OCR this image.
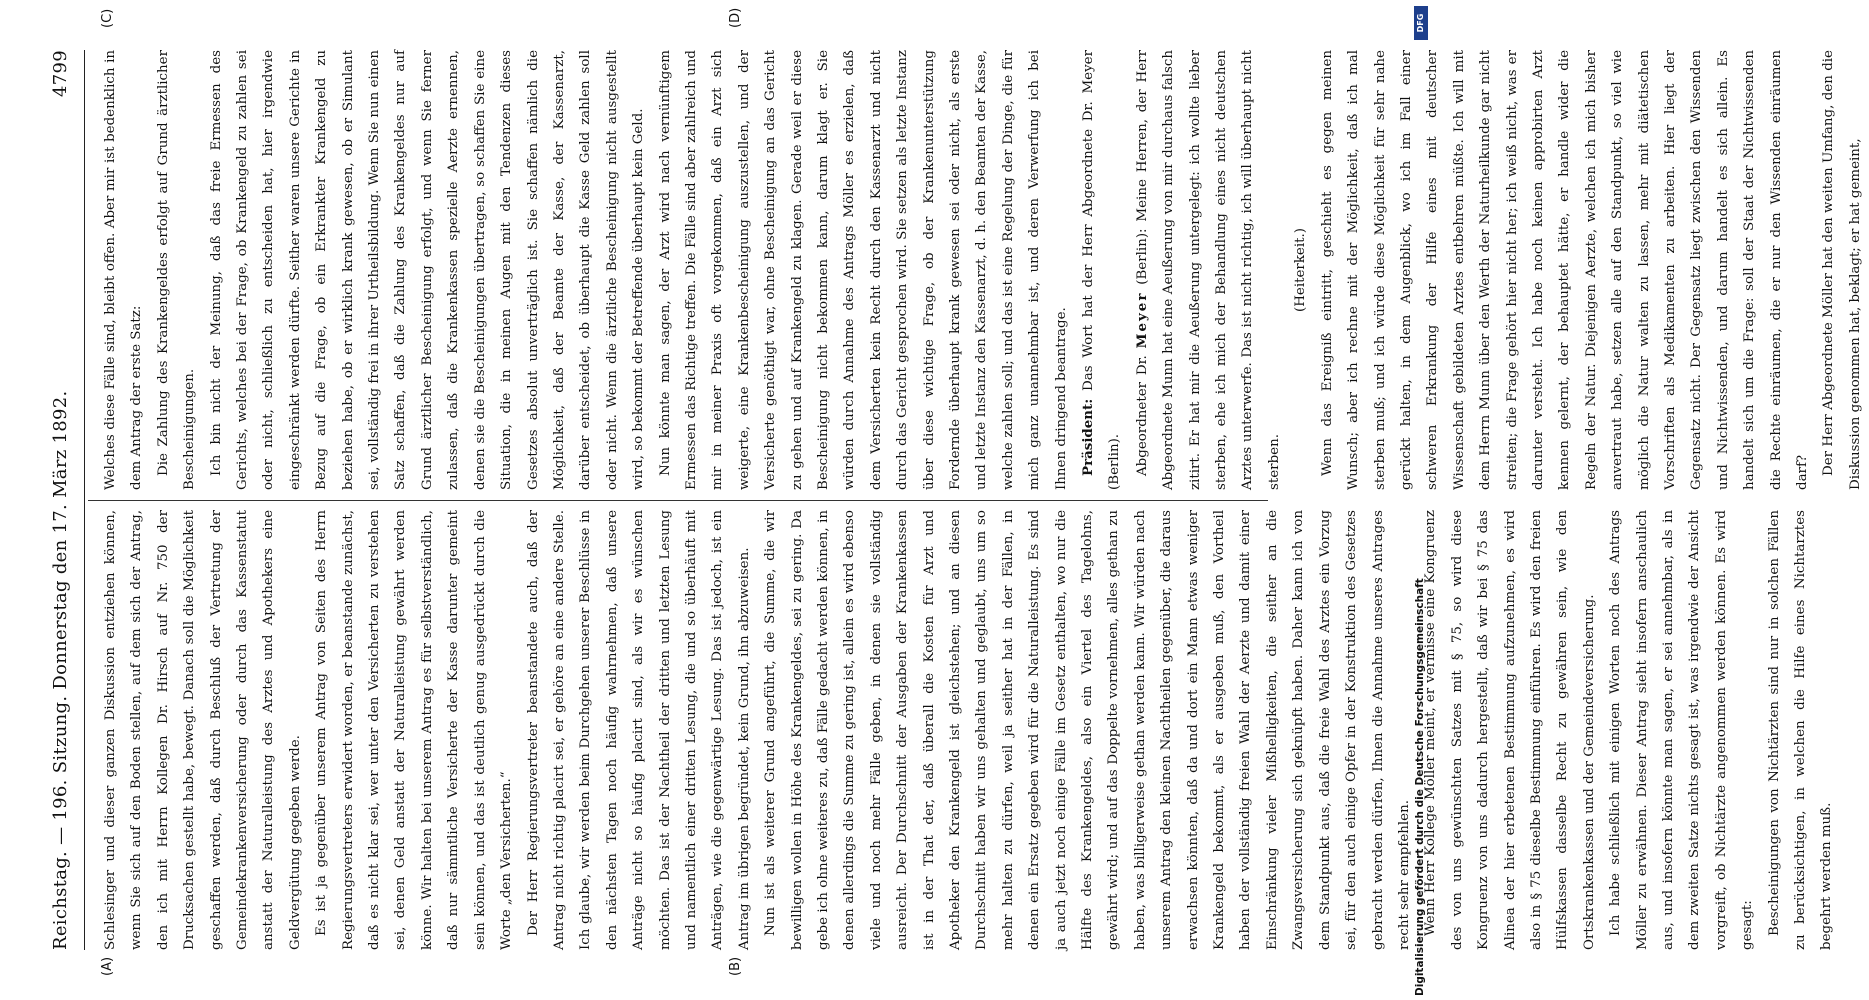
Reichstag. — 196. Sitzung. Donnerstag den 17. März 1892.
4799
(A)	(B)
(C)	(D)

Schlesinger und dieser ganzen Diskussion entziehen können, wenn Sie sich auf den Boden stellen, auf dem sich der Antrag, den ich mit Herrn Kollegen Dr. Hirsch auf Nr. 750 der Drucksachen gestellt habe, bewegt. Danach soll die Möglichkeit geschaffen werden, daß durch Beschluß der Vertretung der Gemeindekrankenversicherung oder durch das Kassenstatut anstatt der Naturalleistung des Arztes und Apothekers eine Geldvergütung gegeben werde. Es ist ja gegenüber unserem Antrag von Seiten des Herrn Regierungsvertreters erwidert worden, er beanstande zunächst, daß es nicht klar sei, wer unter den Versicherten zu verstehen sei, denen Geld anstatt der Naturalleistung gewährt werden könne. Wir halten bei unserem Antrag es für selbstverständlich, daß nur sämmtliche Versicherte der Kasse darunter gemeint sein können, und das ist deutlich genug ausgedrückt durch die Worte „den Versicherten.“ Der Herr Regierungsvertreter beanstandete auch, daß der Antrag nicht richtig placirt sei, er gehöre an eine andere Stelle. Ich glaube, wir werden beim Durchgehen unserer Beschlüsse in den nächsten Tagen noch häufig wahrnehmen, daß unsere Anträge nicht so häufig placirt sind, als wir es wünschen möchten. Das ist der Nachtheil der dritten und letzten Lesung und namentlich einer dritten Lesung, die und so überhäuft mit Anträgen, wie die gegenwärtige Lesung. Das ist jedoch, ist ein Antrag im übrigen begründet, kein Grund, ihn abzuweisen. Nun ist als weiterer Grund angeführt, die Summe, die wir bewilligen wollen in Höhe des Krankengeldes, sei zu gering. Da gebe ich ohne weiteres zu, daß Fälle gedacht werden können, in denen allerdings die Summe zu gering ist, allein es wird ebenso viele und noch mehr Fälle geben, in denen sie vollständig ausreicht. Der Durchschnitt der Ausgaben der Krankenkassen ist in der That der, daß überall die Kosten für Arzt und Apotheker den Krankengeld ist gleichstehen; und an diesen Durchschnitt haben wir uns gehalten und geglaubt, uns um so mehr halten zu dürfen, weil ja seither hat in der Fällen, in denen ein Ersatz gegeben wird für die Naturalleistung. Es sind ja auch jetzt noch einige Fälle im Gesetz enthalten, wo nur die Hälfte des Krankengeldes, also ein Viertel des Tagelohns, gewährt wird; und auf das Doppelte vornehmen, alles gethan zu haben, was billigerweise gethan werden kann. Wir würden nach unserem Antrag den kleinen Nachtheilen gegenüber, die daraus erwachsen könnten, daß da und dort ein Mann etwas weniger Krankengeld bekommt, als er ausgeben muß, den Vortheil haben der vollständig freien Wahl der Aerzte und damit einer Einschränkung vieler Mißhelligkeiten, die seither an die Zwangsversicherung sich geknüpft haben. Daher kann ich von dem Standpunkt aus, daß die freie Wahl des Arztes ein Vorzug sei, für den auch einige Opfer in der Konstruktion des Gesetzes gebracht werden dürfen, Ihnen die Annahme unseres Antrages recht sehr empfehlen. Wenn Herr Kollege Möller meint, er vermisse eine Kongruenz des von uns gewünschten Satzes mit § 75, so wird diese Kongruenz von uns dadurch hergestellt, daß wir bei § 75 das Alinea der hier erbetenen Bestimmung aufzunehmen, es wird also in § 75 dieselbe Bestimmung einführen. Es wird den freien Hülfskassen dasselbe Recht zu gewähren sein, wie den Ortskrankenkassen und der Gemeindeversicherung. Ich habe schließlich mit einigen Worten noch des Antrags Möller zu erwähnen. Dieser Antrag sieht insofern anschaulich aus, und insofern könnte man sagen, er sei annehmbar, als in dem zweiten Satze nichts gesagt ist, was irgendwie der Ansicht vorgreift, ob Nichtärzte angenommen werden können. Es wird gesagt: Bescheinigungen von Nichtärzten sind nur in solchen Fällen zu berücksichtigen, in welchen die Hilfe eines Nichtarztes begehrt werden muß.

Welches diese Fälle sind, bleibt offen. Aber mir ist bedenklich in dem Antrag der erste Satz: Die Zahlung des Krankengeldes erfolgt auf Grund ärztlicher Bescheinigungen. Ich bin nicht der Meinung, daß das freie Ermessen des Gerichts, welches bei der Frage, ob Krankengeld zu zahlen sei oder nicht, schließlich zu entscheiden hat, hier irgendwie eingeschränkt werden dürfte. Seither waren unsere Gerichte in Bezug auf die Frage, ob ein Erkrankter Krankengeld zu beziehen habe, ob er wirklich krank gewesen, ob er Simulant sei, vollständig frei in ihrer Urtheilsbildung. Wenn Sie nun einen Satz schaffen, daß die Zahlung des Krankengeldes nur auf Grund ärztlicher Bescheinigung erfolgt, und wenn Sie ferner zulassen, daß die Krankenkassen spezielle Aerzte ernennen, denen sie die Bescheinigungen übertragen, so schaffen Sie eine Situation, die in meinen Augen mit den Tendenzen dieses Gesetzes absolut unverträglich ist. Sie schaffen nämlich die Möglichkeit, daß der Beamte der Kasse, der Kassenarzt, darüber entscheidet, ob überhaupt die Kasse Geld zahlen soll oder nicht. Wenn die ärztliche Bescheinigung nicht ausgestellt wird, so bekommt der Betreffende überhaupt kein Geld. Nun könnte man sagen, der Arzt wird nach vernünftigem Ermessen das Richtige treffen. Die Fälle sind aber zahlreich und mir in meiner Praxis oft vorgekommen, daß ein Arzt sich weigerte, eine Krankenbescheinigung auszustellen, und der Versicherte genöthigt war, ohne Bescheinigung an das Gericht zu gehen und auf Krankengeld zu klagen. Gerade weil er diese Bescheinigung nicht bekommen kann, darum klagt er. Sie würden durch Annahme des Antrags Möller es erzielen, daß dem Versicherten kein Recht durch den Kassenarzt und nicht durch das Gericht gesprochen wird. Sie setzen als letzte Instanz über diese wichtige Frage, ob der Krankenunterstützung Fordernde überhaupt krank gewesen sei oder nicht, als erste und letzte Instanz den Kassenarzt, d. h. den Beamten der Kasse, welche zahlen soll; und das ist eine Regelung der Dinge, die für mich ganz unannehmbar ist, und deren Verwerfung ich bei Ihnen dringend beantrage. Präsident: Das Wort hat der Herr Abgeordnete Dr. Meyer (Berlin). Abgeordneter Dr. Meyer (Berlin): Meine Herren, der Herr Abgeordnete Munn hat eine Aeußerung von mir durchaus falsch zitirt. Er hat mir die Aeußerung untergelegt: ich wollte lieber sterben, ehe ich mich der Behandlung eines nicht deutschen Arztes unterwerfe. Das ist nicht richtig, ich will überhaupt nicht sterben.

(Heiterkeit.) Wenn das Ereigniß eintritt, geschieht es gegen meinen Wunsch; aber ich rechne mit der Möglichkeit, daß ich mal sterben muß; und ich würde diese Möglichkeit für sehr nahe gerückt halten, in dem Augenblick, wo ich im Fall einer schweren Erkrankung der Hilfe eines mit deutscher Wissenschaft gebildeten Arztes entbehren müßte. Ich will mit dem Herrn Munn über den Werth der Naturheilkunde gar nicht streiten; die Frage gehört hier nicht her; ich weiß nicht, was er darunter versteht. Ich habe noch keinen approbirten Arzt kennen gelernt, der behauptet hätte, er handle wider die Regeln der Natur. Diejenigen Aerzte, welchen ich mich bisher anvertraut habe, setzen alle auf den Standpunkt, so viel wie möglich die Natur walten zu lassen, mehr mit diätetischen Vorschriften als Medikamenten zu arbeiten. Hier liegt der Gegensatz nicht. Der Gegensatz liegt zwischen den Wissenden und Nichtwissenden, und darum handelt es sich allein. Es handelt sich um die Frage: soll der Staat der Nichtwissenden die Rechte einräumen, die er nur den Wissenden einräumen darf? Der Herr Abgeordnete Möller hat den weiten Umfang, den die Diskussion genommen hat, beklagt; er hat gemeint,

Digitalisierung gefördert durch die Deutsche Forschungsgemeinschaft
DFG
